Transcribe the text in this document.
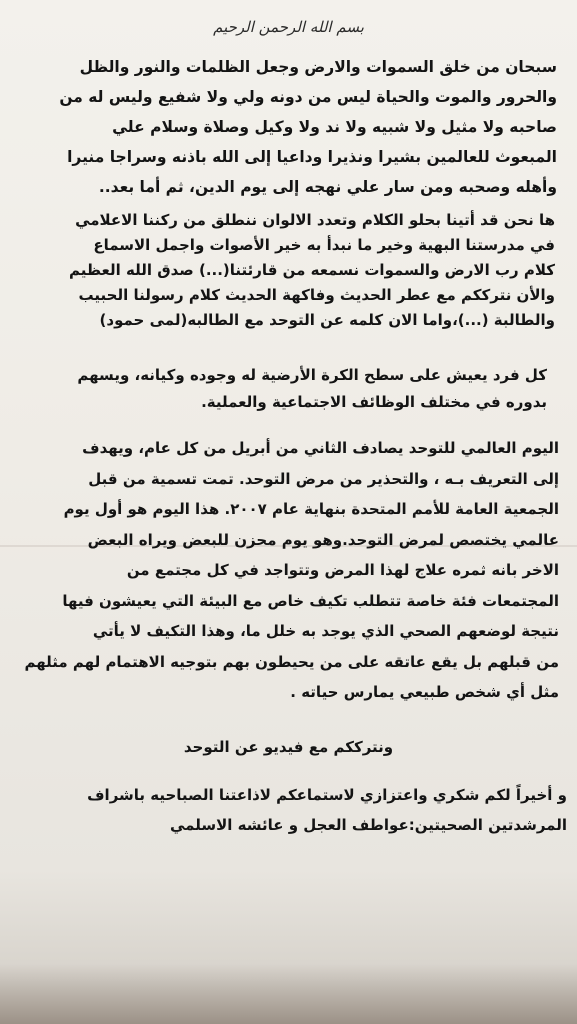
بسم الله الرحمن الرحيم
سبحان من خلق السموات والارض وجعل الظلمات والنور والظل
والحرور والموت والحياة ليس من دونه ولي ولا شفيع وليس له من
صاحبه ولا مثيل ولا شبيه ولا ند ولا وكيل وصلاة وسلام علي
المبعوث للعالمين بشيرا ونذيرا وداعيا إلى الله باذنه وسراجا منيرا
وأهله وصحبه ومن سار علي نهجه إلى يوم الدين، ثم أما بعد..
ها نحن قد أتينا بحلو الكلام وتعدد الالوان ننطلق من ركننا الاعلامي
في مدرستنا البهية وخير ما نبدأ به خير الأصوات واجمل الاسماع
كلام رب الارض والسموات نسمعه من قارئتنا(...) صدق الله العظيم
والأن نترككم مع عطر الحديث وفاكهة الحديث كلام رسولنا الحبيب
والطالبة (...)،واما الان كلمه عن التوحد مع الطالبه(لمى حمود)
كل فرد يعيش على سطح الكرة الأرضية له وجوده وكيانه، ويسهم
بدوره في مختلف الوظائف الاجتماعية والعملية.
اليوم العالمي للتوحد يصادف الثاني من أبريل من كل عام، ويهدف
إلى التعريف بـه ، والتحذير من مرض التوحد. تمت تسمية من قبل
الجمعية العامة للأمم المتحدة بنهاية عام ٢٠٠٧. هذا اليوم هو أول يوم
عالمي يختصص لمرض التوحد.وهو يوم محزن للبعض ويراه البعض
الاخر بانه ثمره علاج لهذا المرض وتتواجد في كل مجتمع من
المجتمعات فئة خاصة تتطلب تكيف خاص مع البيئة التي يعيشون فيها
نتيجة لوضعهم الصحي الذي يوجد به خلل ما، وهذا التكيف لا يأتي
من قبلهم بل يقع عاتقه على من يحيطون بهم بتوجيه الاهتمام لهم مثلهم
مثل أي شخص طبيعي يمارس حياته .
ونترككم مع فيديو عن التوحد
و أخيراً لكم شكري واعتزازي لاستماعكم لاذاعتنا الصباحيه باشراف
المرشدتين الصحيتين:عواطف العجل و عائشه الاسلمي
